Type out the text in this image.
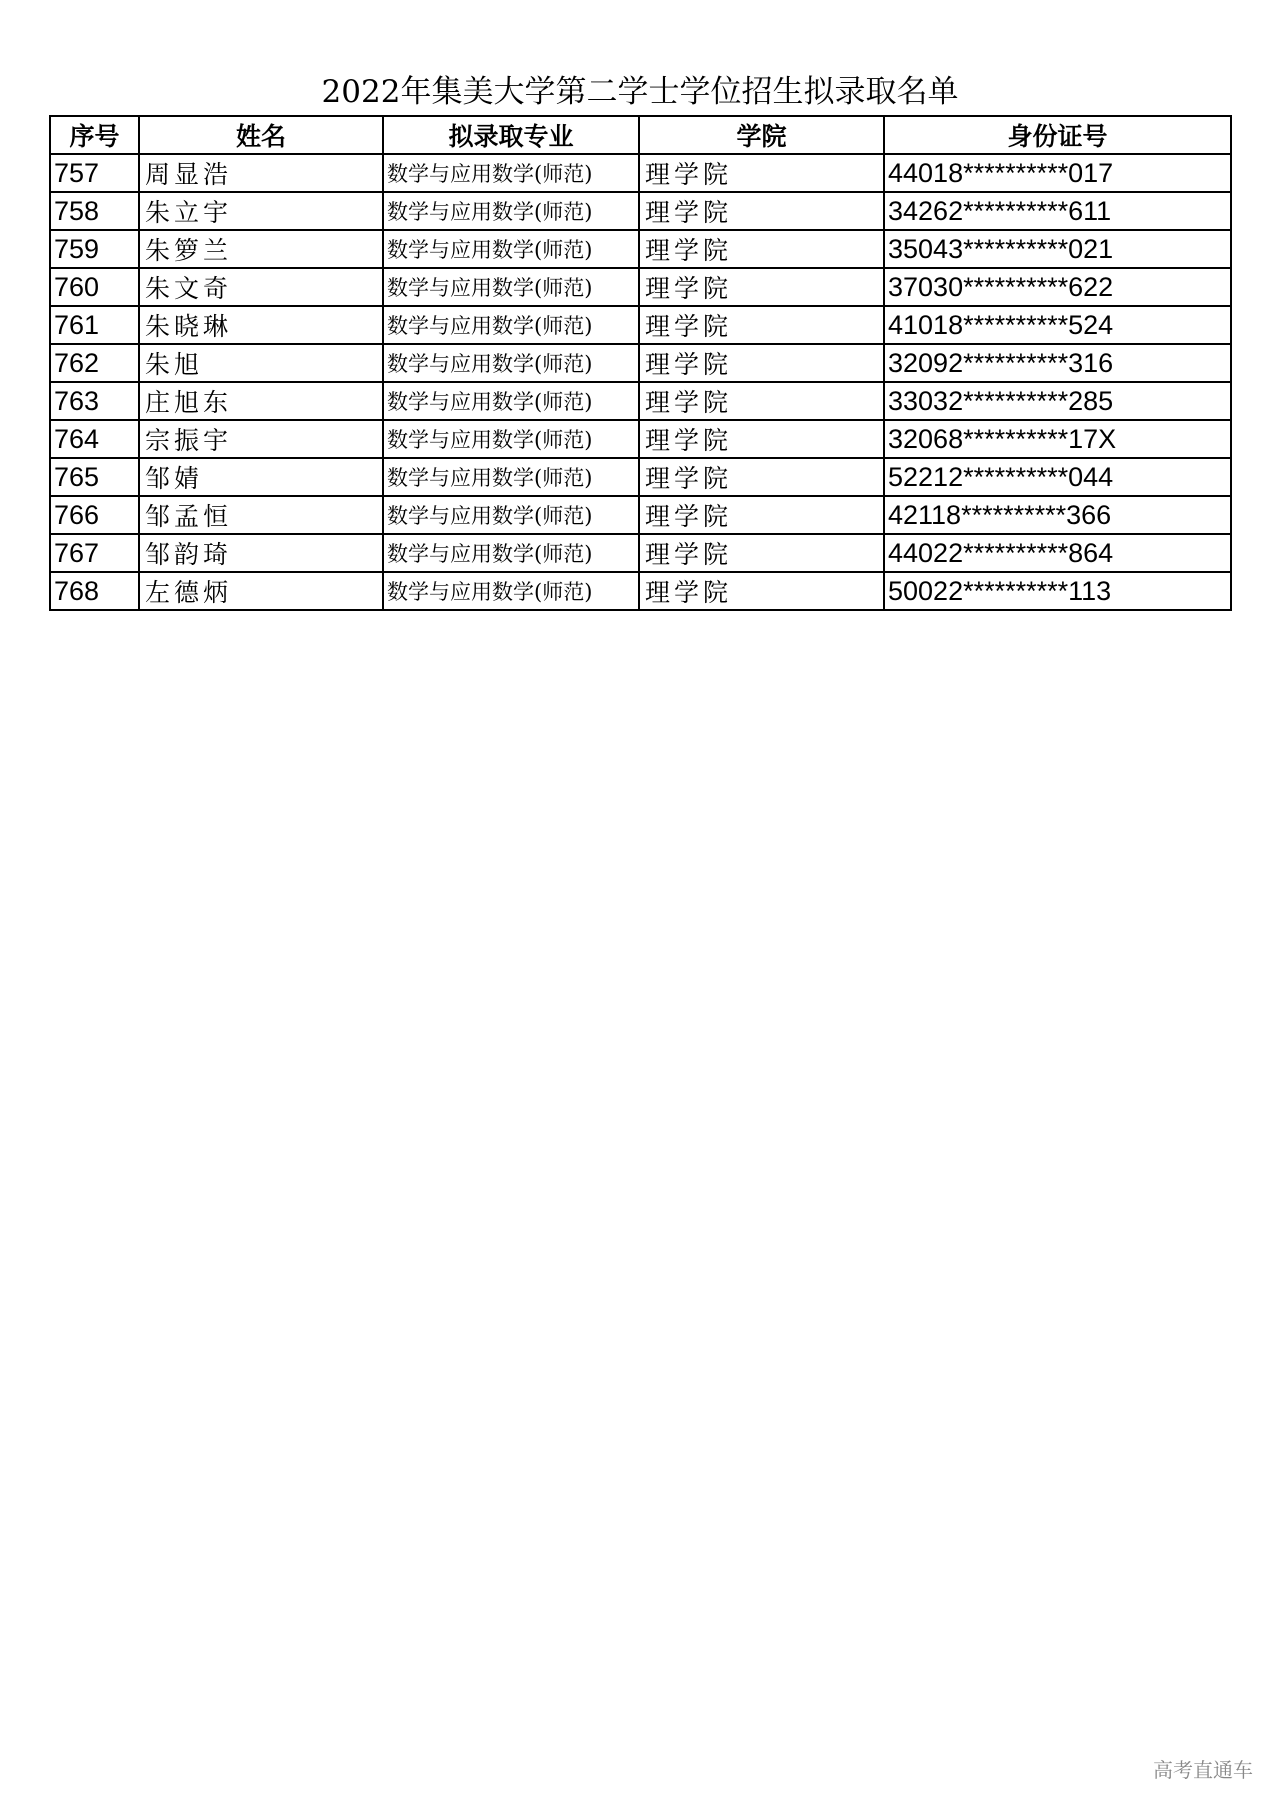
2022年集美大学第二学士学位招生拟录取名单
序号	姓名	拟录取专业	学院	身份证号
757	周显浩	数学与应用数学(师范)	理学院	44018**********017
758	朱立宇	数学与应用数学(师范)	理学院	34262**********611
759	朱箩兰	数学与应用数学(师范)	理学院	35043**********021
760	朱文奇	数学与应用数学(师范)	理学院	37030**********622
761	朱晓琳	数学与应用数学(师范)	理学院	41018**********524
762	朱旭	数学与应用数学(师范)	理学院	32092**********316
763	庄旭东	数学与应用数学(师范)	理学院	33032**********285
764	宗振宇	数学与应用数学(师范)	理学院	32068**********17X
765	邹婧	数学与应用数学(师范)	理学院	52212**********044
766	邹孟恒	数学与应用数学(师范)	理学院	42118**********366
767	邹韵琦	数学与应用数学(师范)	理学院	44022**********864
768	左德炳	数学与应用数学(师范)	理学院	50022**********113
高考直通车
